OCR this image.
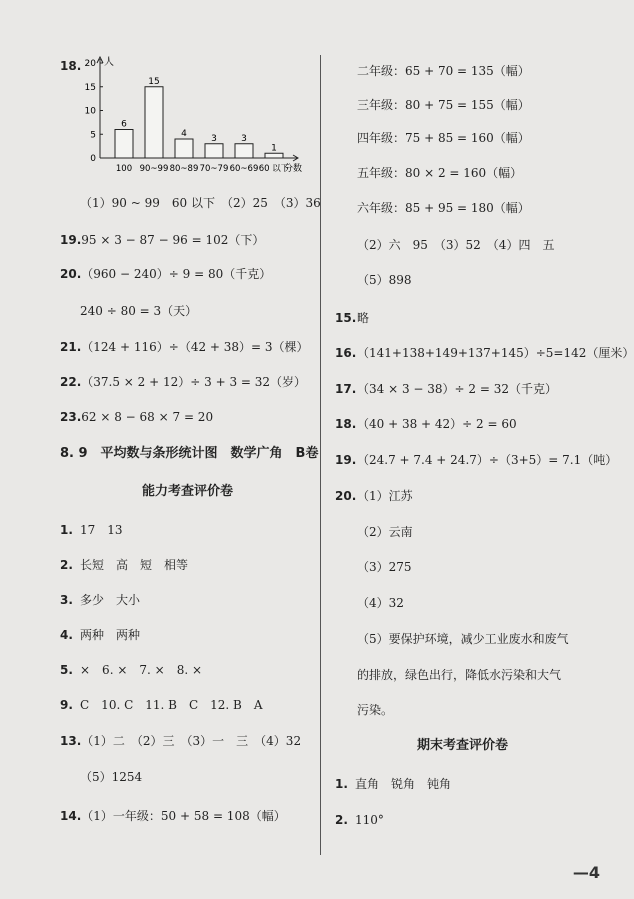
18. 人
0
5
10
15
20
6
100
15
90~99
4
80~89
3
70~79
3
60~69
1
60 以下
分数
（1）90 ~ 99　60 以下　（2）25　（3）36
19.95 × 3 − 87 − 96 = 102（下）
20.（960 − 240）÷ 9 = 80（千克）
240 ÷ 80 = 3（天）
21.（124 + 116）÷（42 + 38）= 3（棵）
22.（37.5 × 2 + 12）÷ 3 + 3 = 32（岁）
23.62 × 8 − 68 × 7 = 20
8. 9　平均数与条形统计图　数学广角　B卷
能力考查评价卷
1. 17　13
2. 长短　高　短　相等
3. 多少　大小
4. 两种　两种
5. ×　6. ×　7. ×　8. ×
9. C　10. C　11. B　C　12. B　A
13.（1）二　（2）三　（3）一　三　（4）32
（5）1254
14.（1）一年级：50 + 58 = 108（幅）
二年级：65 + 70 = 135（幅）
三年级：80 + 75 = 155（幅）
四年级：75 + 85 = 160（幅）
五年级：80 × 2 = 160（幅）
六年级：85 + 95 = 180（幅）
（2）六　95　（3）52　（4）四　五
（5）898
15.略
16.（141+138+149+137+145）÷5=142（厘米）
17.（34 × 3 − 38）÷ 2 = 32（千克）
18.（40 + 38 + 42）÷ 2 = 60
19.（24.7 + 7.4 + 24.7）÷（3+5）= 7.1（吨）
20.（1）江苏
（2）云南
（3）275
（4）32
（5）要保护环境，减少工业废水和废气
的排放，绿色出行，降低水污染和大气
污染。
期末考查评价卷
1. 直角　锐角　钝角
2. 110°
—4
